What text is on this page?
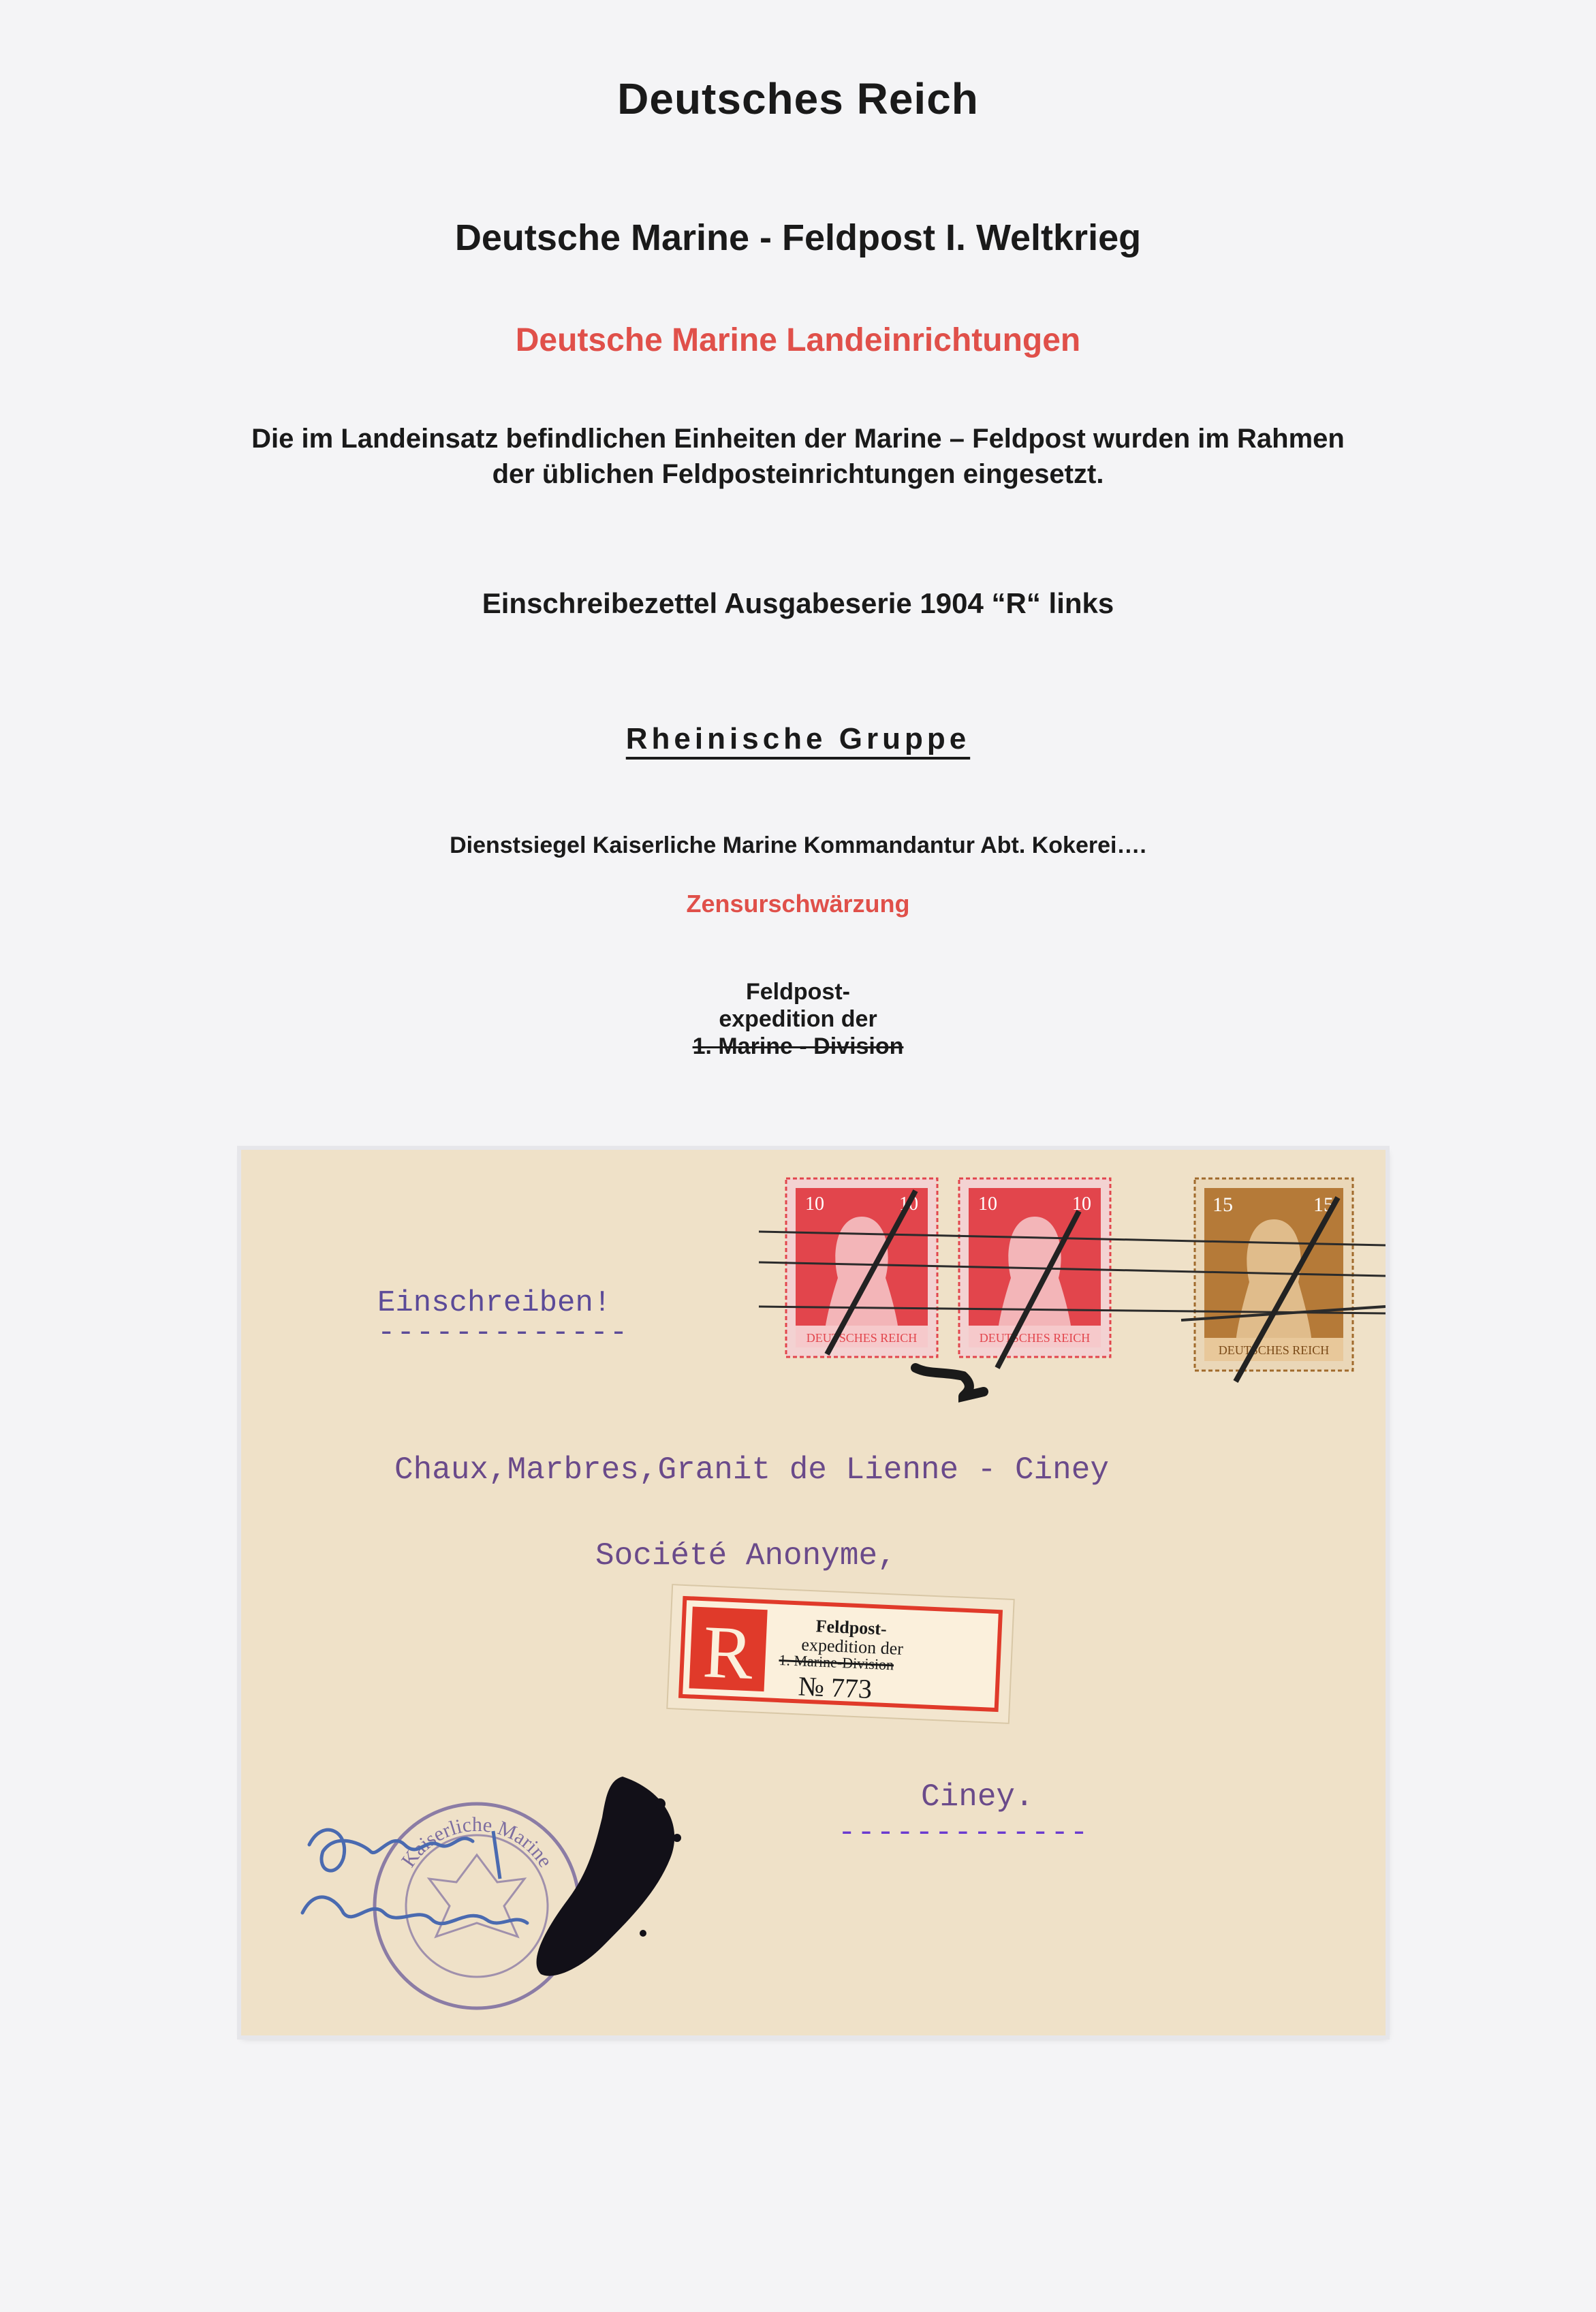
Deutsches Reich
Deutsche Marine - Feldpost I. Weltkrieg
Deutsche Marine Landeinrichtungen
Die im Landeinsatz befindlichen Einheiten der Marine – Feldpost wurden im Rahmen
der üblichen Feldposteinrichtungen eingesetzt.
Einschreibezettel Ausgabeserie 1904 “R“ links
Rheinische Gruppe
Dienstsiegel Kaiserliche Marine Kommandantur Abt. Kokerei….
Zensurschwärzung
Feldpost-
expedition der
1. Marine - Division
10	10
DEUTSCHES REICH
10	10
DEUTSCHES REICH
15	15
DEUTSCHES REICH
Einschreiben!
-------------
Chaux,Marbres,Granit de Lienne - Ciney
Société Anonyme,
Ciney.
-------------
R	Feldpost-
expedition der
1. Marine-Division
№ 773
Kaiserliche Marine
